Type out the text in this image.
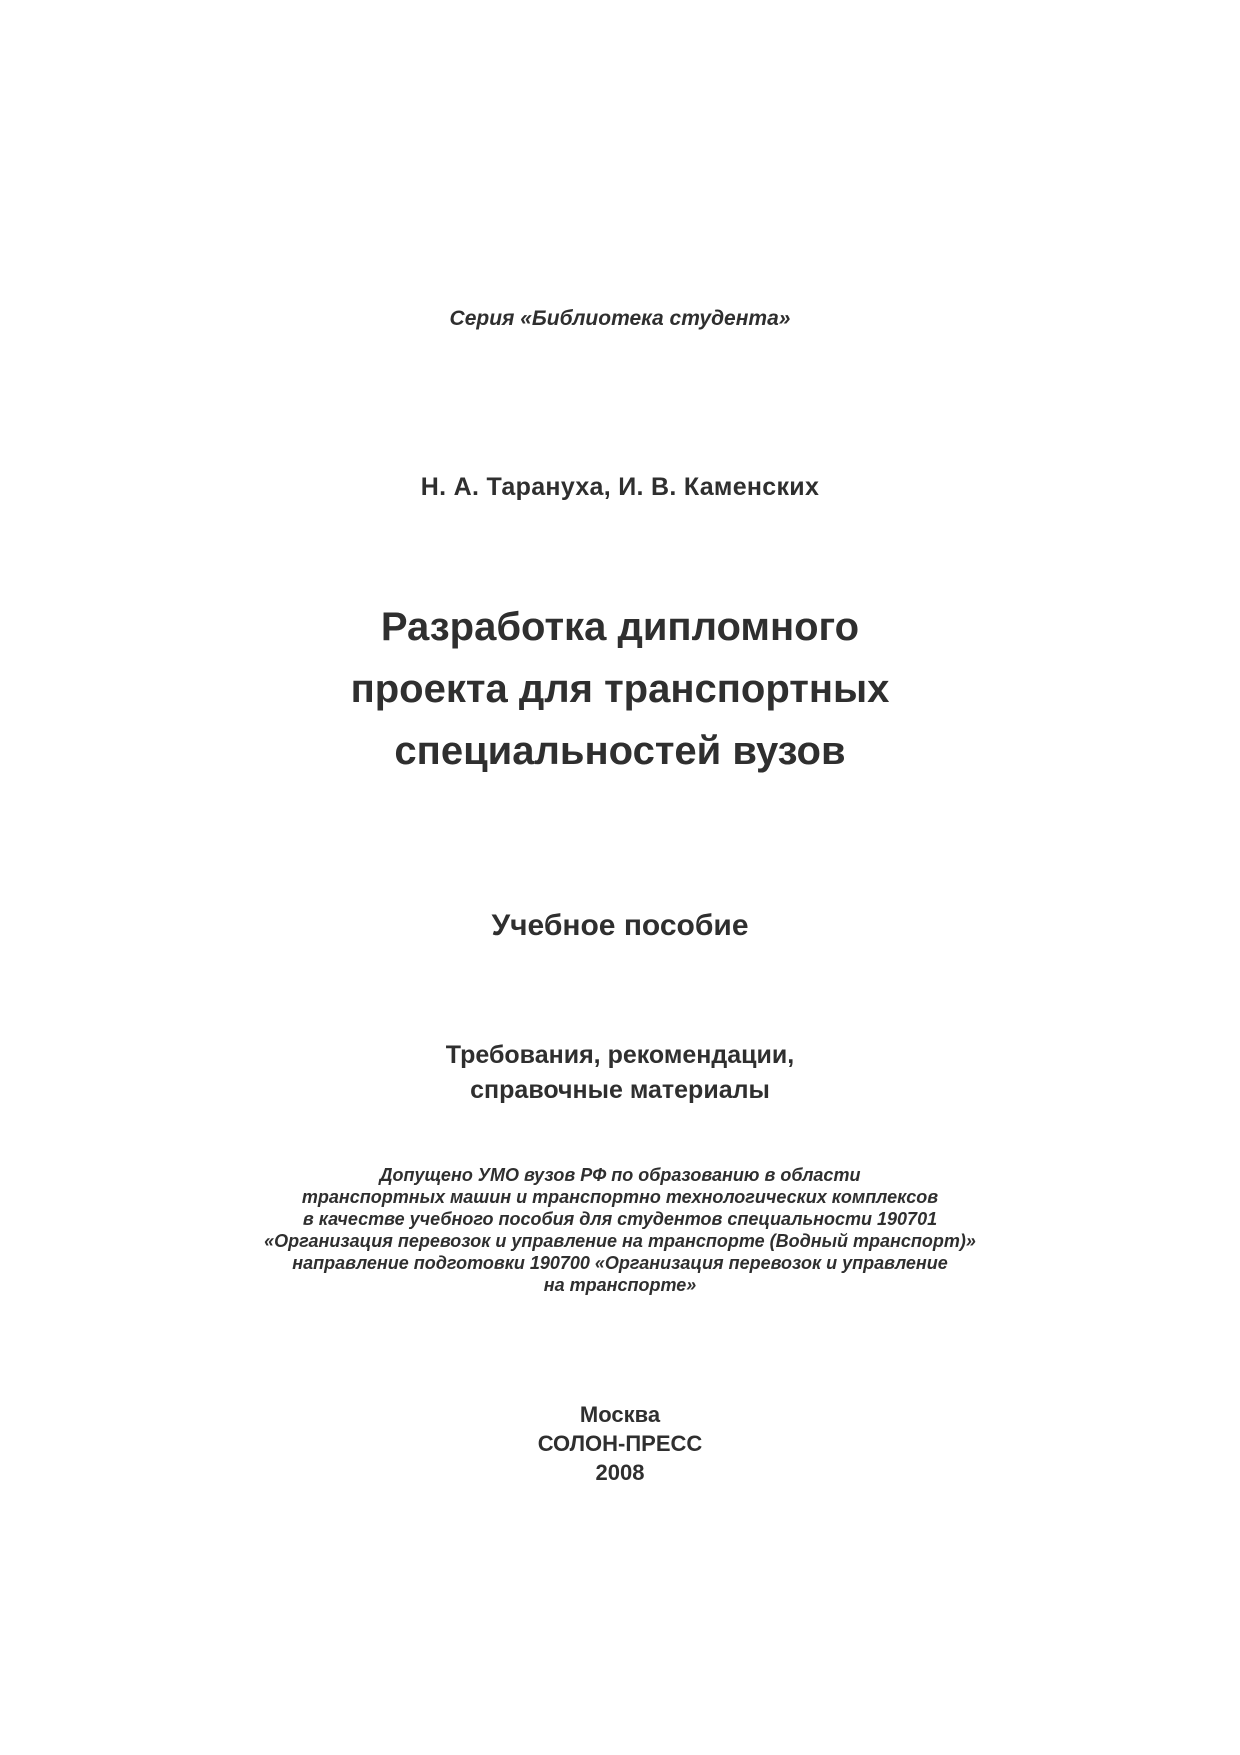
Серия «Библиотека студента»
Н. А. Тарануха, И. В. Каменских
Разработка дипломного
проекта для транспортных
специальностей вузов
Учебное пособие
Требования, рекомендации,
справочные материалы
Допущено УМО вузов РФ по образованию в области
транспортных машин и транспортно технологических комплексов
в качестве учебного пособия для студентов специальности 190701
«Организация перевозок и управление на транспорте (Водный транспорт)»
направление подготовки 190700 «Организация перевозок и управление
на транспорте»
Москва
СОЛОН-ПРЕСС
2008
